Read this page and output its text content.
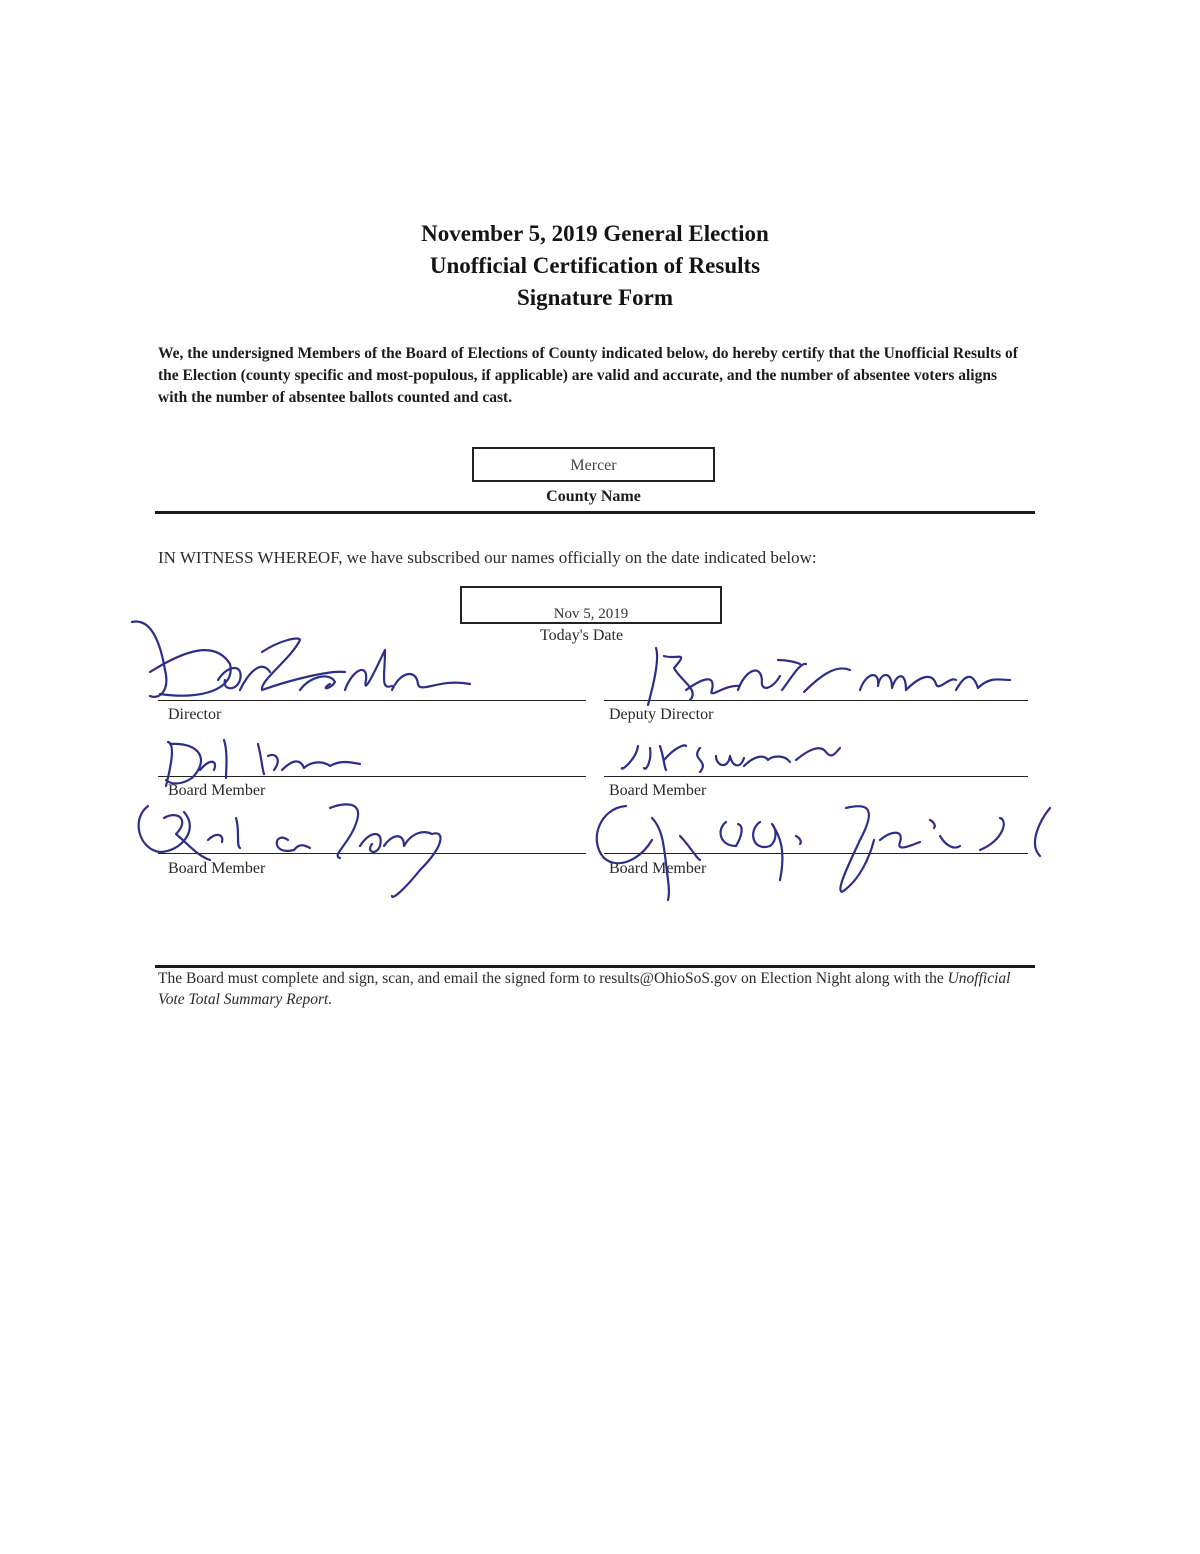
November 5, 2019 General Election
Unofficial Certification of Results
Signature Form
We, the undersigned Members of the Board of Elections of County indicated below, do hereby certify that the Unofficial Results of the Election (county specific and most-populous, if applicable) are valid and accurate, and the number of absentee voters aligns with the number of absentee ballots counted and cast.
Mercer
County Name
IN WITNESS WHEREOF, we have subscribed our names officially on the date indicated below:
Nov 5, 2019
Today's Date
Director	Deputy Director
Board Member	Board Member
Board Member	Board Member
The Board must complete and sign, scan, and email the signed form to results@OhioSoS.gov on Election Night along with the Unofficial Vote Total Summary Report.
